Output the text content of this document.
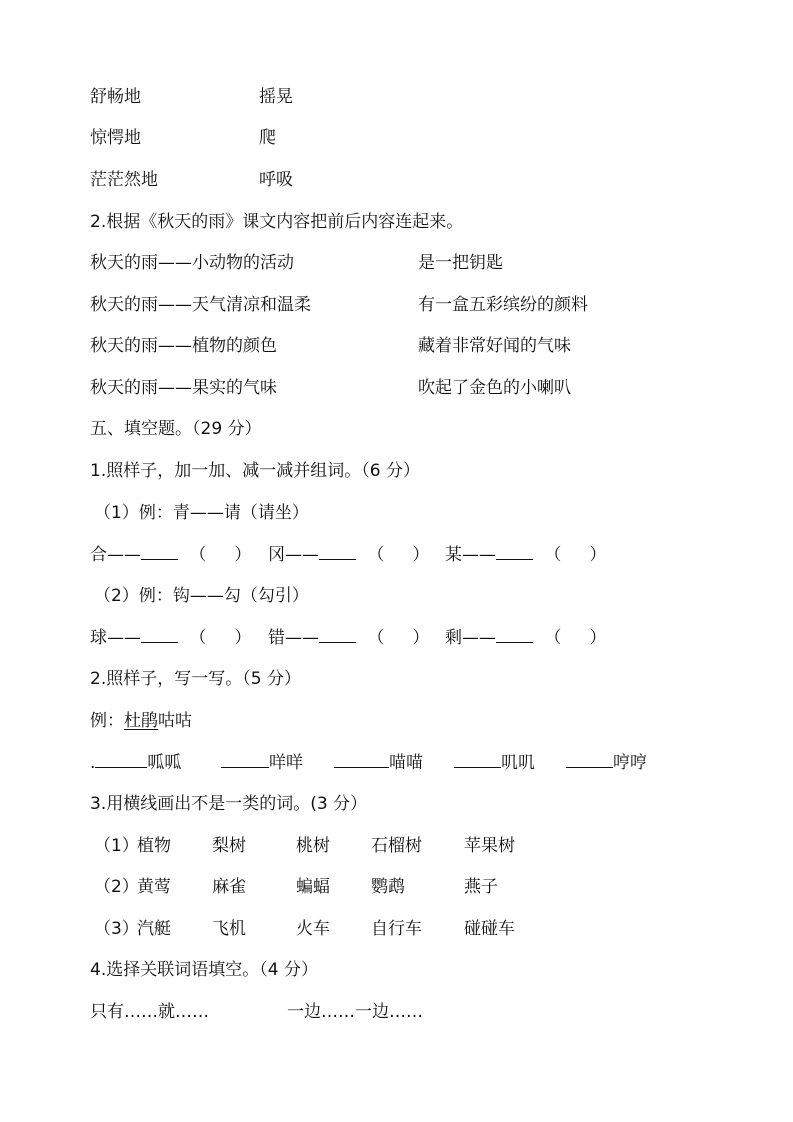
舒畅地	摇晃
惊愕地	爬
茫茫然地	呼吸
2.根据《秋天的雨》课文内容把前后内容连起来。
秋天的雨——小动物的活动	是一把钥匙
秋天的雨——天气清凉和温柔	有一盒五彩缤纷的颜料
秋天的雨——植物的颜色	藏着非常好闻的气味
秋天的雨——果实的气味	吹起了金色的小喇叭
五、填空题。（29 分）
1.照样子，加一加、减一减并组词。（6 分）
（1）例：青——请（请坐）
合——	（ ） 冈——	（ ） 某——	（ ）
（2）例：钩——勾（勾引）
球——	（ ） 错——	（ ） 剩——	（ ）
2.照样子，写一写。（5 分）
例：杜鹃咕咕
.	呱呱	咩咩	喵喵	叽叽	哼哼
3.用横线画出不是一类的词。(3 分）
（1）
植物 梨树	桃树 石榴树 苹果树
（2）
黄莺 麻雀	蝙蝠 鹦鹉	燕子
（3）
汽艇 飞机	火车 自行车 碰碰车
4.选择关联词语填空。（4 分）
只有……就……	一边……一边……
